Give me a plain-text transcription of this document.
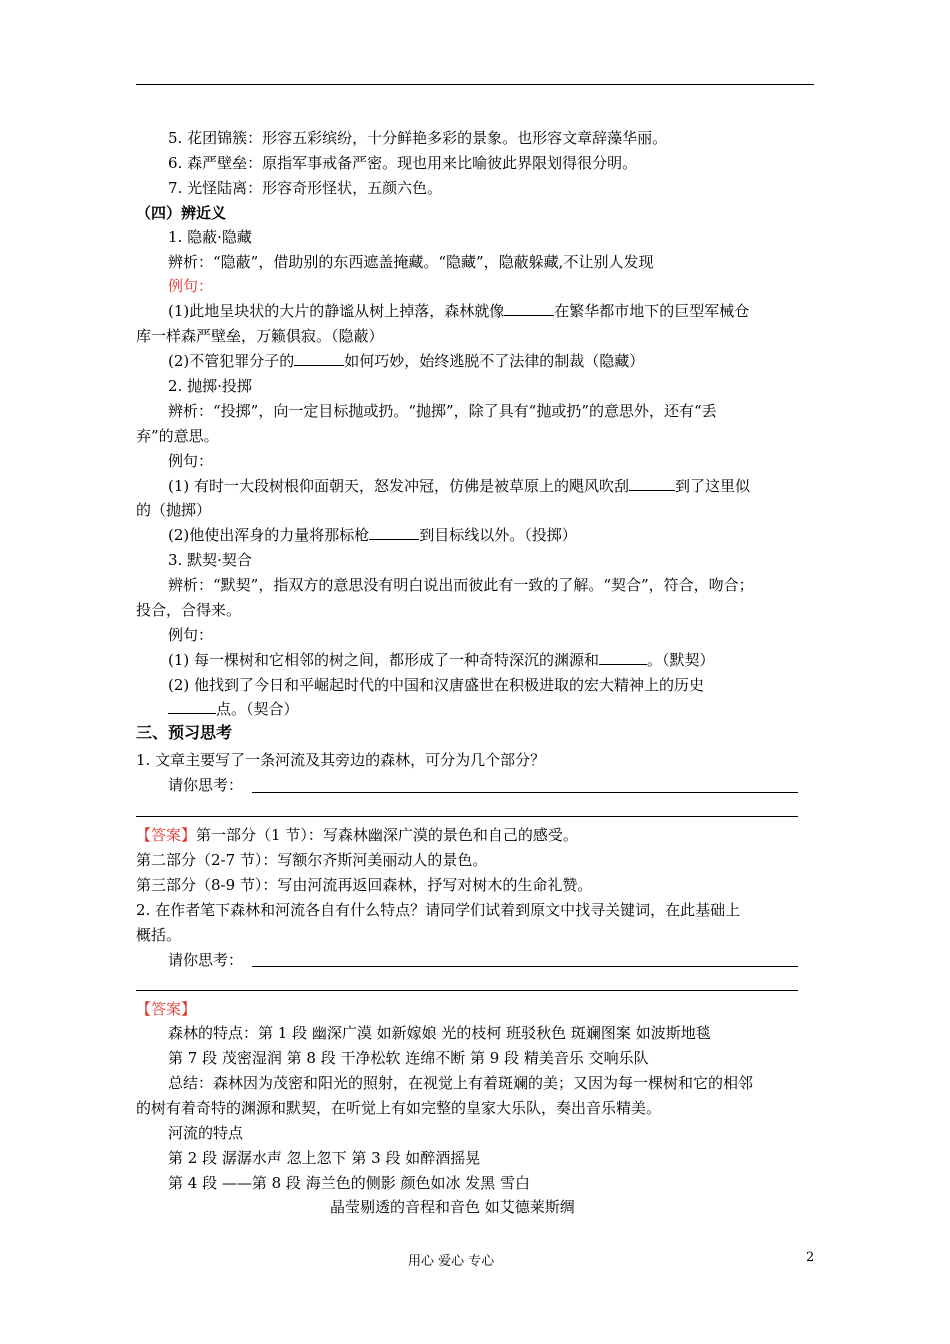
5. 花团锦簇：形容五彩缤纷，十分鲜艳多彩的景象。也形容文章辞藻华丽。
6. 森严壁垒：原指军事戒备严密。现也用来比喻彼此界限划得很分明。
7. 光怪陆离：形容奇形怪状，五颜六色。
（四）辨近义
1. 隐蔽·隐藏
辨析：“隐蔽”，借助别的东西遮盖掩藏。“隐藏”，隐蔽躲藏,不让别人发现
例句：
(1)此地呈块状的大片的静谧从树上掉落，森林就像	在繁华都市地下的巨型军械仓
库一样森严壁垒，万籁俱寂。（隐蔽）
(2)不管犯罪分子的	如何巧妙，始终逃脱不了法律的制裁（隐藏）
2. 抛掷·投掷
辨析：“投掷”，向一定目标抛或扔。“抛掷”，除了具有“抛或扔”的意思外，还有“丢
弃”的意思。
例句：
(1) 有时一大段树根仰面朝天，怒发冲冠，仿佛是被草原上的飓风吹刮	到了这里似
的（抛掷）
(2)他使出浑身的力量将那标枪	到目标线以外。（投掷）
3. 默契·契合
辨析：“默契”，指双方的意思没有明白说出而彼此有一致的了解。“契合”，符合，吻合；
投合，合得来。
例句：
(1) 每一棵树和它相邻的树之间，都形成了一种奇特深沉的渊源和	。（默契）
(2) 他找到了今日和平崛起时代的中国和汉唐盛世在积极进取的宏大精神上的历史
点。（契合）
三、预习思考
1. 文章主要写了一条河流及其旁边的森林，可分为几个部分？
请你思考：
【答案】第一部分（1 节）：写森林幽深广漠的景色和自己的感受。
第二部分（2-7 节）：写额尔齐斯河美丽动人的景色。
第三部分（8-9 节）：写由河流再返回森林，抒写对树木的生命礼赞。
2. 在作者笔下森林和河流各自有什么特点？请同学们试着到原文中找寻关键词，在此基础上
概括。
请你思考：
【答案】
森林的特点：第 1 段 幽深广漠 如新嫁娘 光的枝柯 班驳秋色 斑斓图案 如波斯地毯
第 7 段 茂密湿润 第 8 段 干净松软 连绵不断 第 9 段 精美音乐 交响乐队
总结：森林因为茂密和阳光的照射，在视觉上有着斑斓的美；又因为每一棵树和它的相邻
的树有着奇特的渊源和默契，在听觉上有如完整的皇家大乐队，奏出音乐精美。
河流的特点
第 2 段 潺潺水声 忽上忽下 第 3 段 如醉酒摇晃
第 4 段 ——第 8 段 海兰色的侧影 颜色如冰 发黑 雪白
晶莹剔透的音程和音色 如艾德莱斯绸
用心 爱心 专心	2
